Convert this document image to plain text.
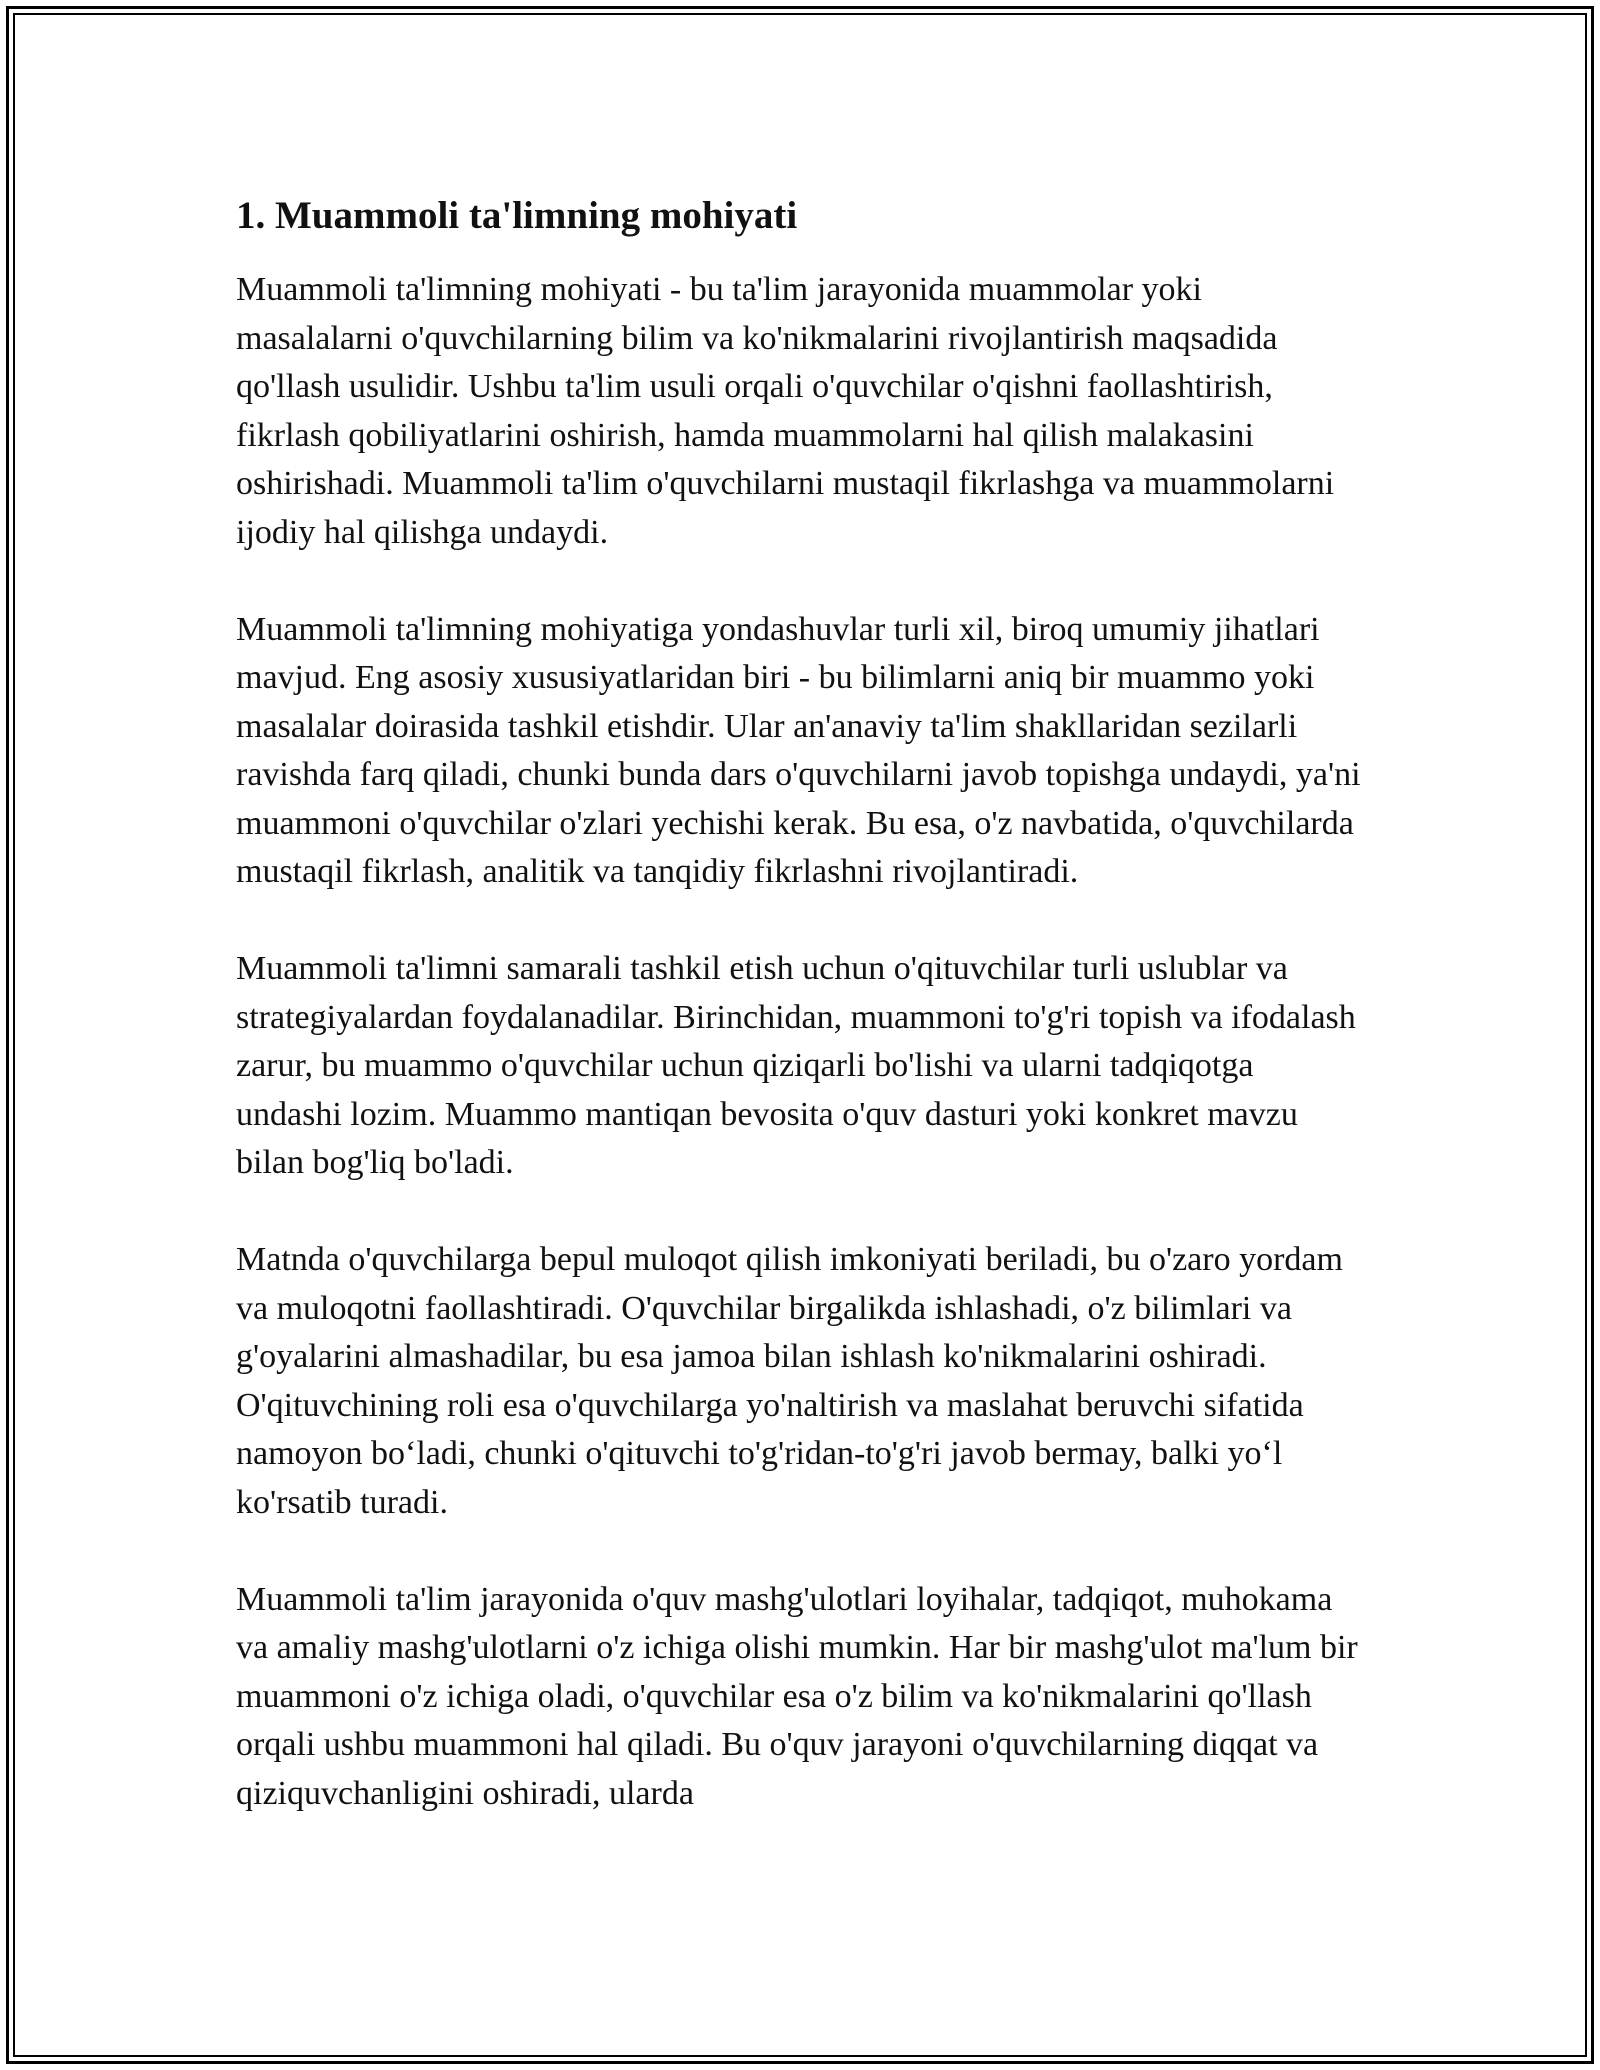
1. Muammoli ta'limning mohiyati

Muammoli ta'limning mohiyati - bu ta'lim jarayonida muammolar yoki masalalarni o'quvchilarning bilim va ko'nikmalarini rivojlantirish maqsadida qo'llash usulidir. Ushbu ta'lim usuli orqali o'quvchilar o'qishni faollashtirish, fikrlash qobiliyatlarini oshirish, hamda muammolarni hal qilish malakasini oshirishadi. Muammoli ta'lim o'quvchilarni mustaqil fikrlashga va muammolarni ijodiy hal qilishga undaydi.

Muammoli ta'limning mohiyatiga yondashuvlar turli xil, biroq umumiy jihatlari mavjud. Eng asosiy xususiyatlaridan biri - bu bilimlarni aniq bir muammo yoki masalalar doirasida tashkil etishdir. Ular an'anaviy ta'lim shakllaridan sezilarli ravishda farq qiladi, chunki bunda dars o'quvchilarni javob topishga undaydi, ya'ni muammoni o'quvchilar o'zlari yechishi kerak. Bu esa, o'z navbatida, o'quvchilarda mustaqil fikrlash, analitik va tanqidiy fikrlashni rivojlantiradi.

Muammoli ta'limni samarali tashkil etish uchun o'qituvchilar turli uslublar va strategiyalardan foydalanadilar. Birinchidan, muammoni to'g'ri topish va ifodalash zarur, bu muammo o'quvchilar uchun qiziqarli bo'lishi va ularni tadqiqotga undashi lozim. Muammo mantiqan bevosita o'quv dasturi yoki konkret mavzu bilan bog'liq bo'ladi.

Matnda o'quvchilarga bepul muloqot qilish imkoniyati beriladi, bu o'zaro yordam va muloqotni faollashtiradi. O'quvchilar birgalikda ishlashadi, o'z bilimlari va g'oyalarini almashadilar, bu esa jamoa bilan ishlash ko'nikmalarini oshiradi. O'qituvchining roli esa o'quvchilarga yo'naltirish va maslahat beruvchi sifatida namoyon bo‘ladi, chunki o'qituvchi to'g'ridan-to'g'ri javob bermay, balki yo‘l ko'rsatib turadi.

Muammoli ta'lim jarayonida o'quv mashg'ulotlari loyihalar, tadqiqot, muhokama va amaliy mashg'ulotlarni o'z ichiga olishi mumkin. Har bir mashg'ulot ma'lum bir muammoni o'z ichiga oladi, o'quvchilar esa o'z bilim va ko'nikmalarini qo'llash orqali ushbu muammoni hal qiladi. Bu o'quv jarayoni o'quvchilarning diqqat va qiziquvchanligini oshiradi, ularda
